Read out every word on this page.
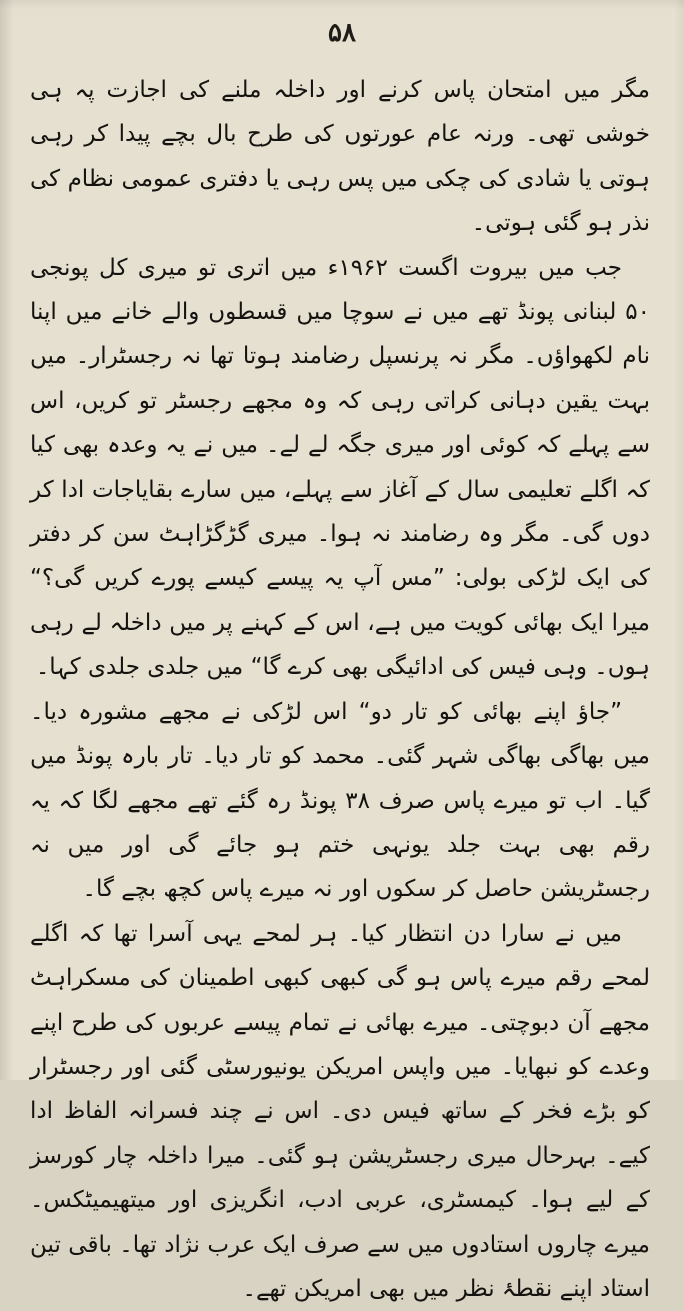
۵۸

مگر میں امتحان پاس کرنے اور داخلہ ملنے کی اجازت پہ ہی خوشی تھی۔ ورنہ عام عورتوں کی طرح بال بچے پیدا کر رہی ہوتی یا شادی کی چکی میں پس رہی یا دفتری عمومی نظام کی نذر ہو گئی ہوتی۔

جب میں بیروت اگست ۱۹۶۲ء میں اتری تو میری کل پونجی ۵۰ لبنانی پونڈ تھے میں نے سوچا میں قسطوں والے خانے میں اپنا نام لکھواؤں۔ مگر نہ پرنسپل رضامند ہوتا تھا نہ رجسٹرار۔ میں بہت یقین دہانی کراتی رہی کہ وہ مجھے رجسٹر تو کریں، اس سے پہلے کہ کوئی اور میری جگہ لے لے۔ میں نے یہ وعدہ بھی کیا کہ اگلے تعلیمی سال کے آغاز سے پہلے، میں سارے بقایاجات ادا کر دوں گی۔ مگر وہ رضامند نہ ہوا۔ میری گڑگڑاہٹ سن کر دفتر کی ایک لڑکی بولی: ”مس آپ یہ پیسے کیسے پورے کریں گی؟“ میرا ایک بھائی کویت میں ہے، اس کے کہنے پر میں داخلہ لے رہی ہوں۔ وہی فیس کی ادائیگی بھی کرے گا“ میں جلدی جلدی کہا۔

”جاؤ اپنے بھائی کو تار دو“ اس لڑکی نے مجھے مشورہ دیا۔ میں بھاگی بھاگی شہر گئی۔ محمد کو تار دیا۔ تار بارہ پونڈ میں گیا۔ اب تو میرے پاس صرف ۳۸ پونڈ رہ گئے تھے مجھے لگا کہ یہ رقم بھی بہت جلد یونہی ختم ہو جائے گی اور میں نہ رجسٹریشن حاصل کر سکوں اور نہ میرے پاس کچھ بچے گا۔

میں نے سارا دن انتظار کیا۔ ہر لمحے یہی آسرا تھا کہ اگلے لمحے رقم میرے پاس ہو گی کبھی کبھی اطمینان کی مسکراہٹ مجھے آن دبوچتی۔ میرے بھائی نے تمام پیسے عربوں کی طرح اپنے وعدے کو نبھایا۔ میں واپس امریکن یونیورسٹی گئی اور رجسٹرار کو بڑے فخر کے ساتھ فیس دی۔ اس نے چند فسرانہ الفاظ ادا کیے۔ بہرحال میری رجسٹریشن ہو گئی۔ میرا داخلہ چار کورسز کے لیے ہوا۔ کیمسٹری، عربی ادب، انگریزی اور میتھیمیٹکس۔ میرے چاروں استادوں میں سے صرف ایک عرب نژاد تھا۔ باقی تین استاد اپنے نقطۂ نظر میں بھی امریکن تھے۔
